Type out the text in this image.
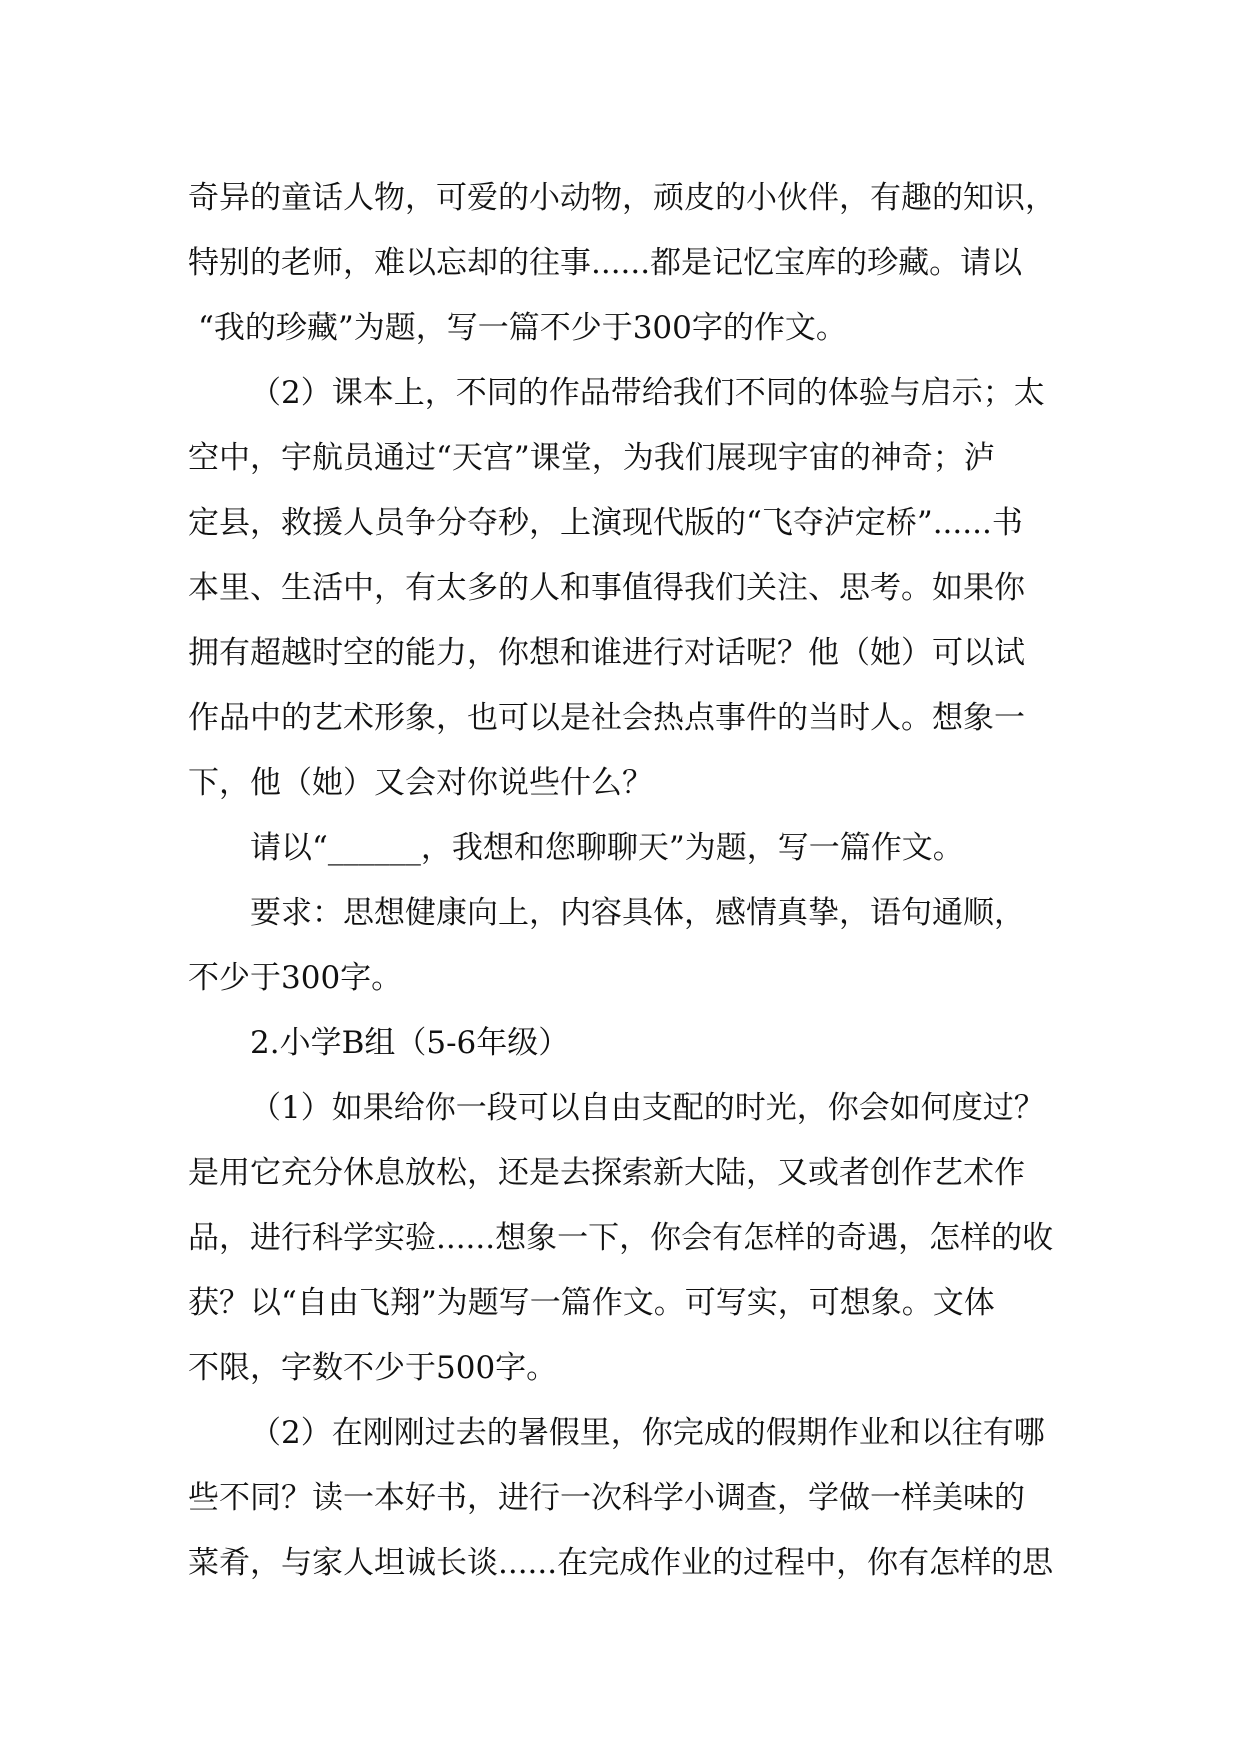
奇异的童话人物，可爱的小动物，顽皮的小伙伴，有趣的知识，
特别的老师，难以忘却的往事......都是记忆宝库的珍藏。请以
“我的珍藏”为题，写一篇不少于300字的作文。
（2）课本上，不同的作品带给我们不同的体验与启示；太
空中，宇航员通过“天宫”课堂，为我们展现宇宙的神奇；泸
定县，救援人员争分夺秒，上演现代版的“飞夺泸定桥”......书
本里、生活中，有太多的人和事值得我们关注、思考。如果你
拥有超越时空的能力，你想和谁进行对话呢？他（她）可以试
作品中的艺术形象，也可以是社会热点事件的当时人。想象一
下，他（她）又会对你说些什么？
请以“______，我想和您聊聊天”为题，写一篇作文。
要求：思想健康向上，内容具体，感情真挚，语句通顺，
不少于300字。
2.小学B组（5-6年级）
（1）如果给你一段可以自由支配的时光，你会如何度过？
是用它充分休息放松，还是去探索新大陆，又或者创作艺术作
品，进行科学实验......想象一下，你会有怎样的奇遇，怎样的收
获？以“自由飞翔”为题写一篇作文。可写实，可想象。文体
不限，字数不少于500字。
（2）在刚刚过去的暑假里，你完成的假期作业和以往有哪
些不同？读一本好书，进行一次科学小调查，学做一样美味的
菜肴，与家人坦诚长谈......在完成作业的过程中，你有怎样的思
